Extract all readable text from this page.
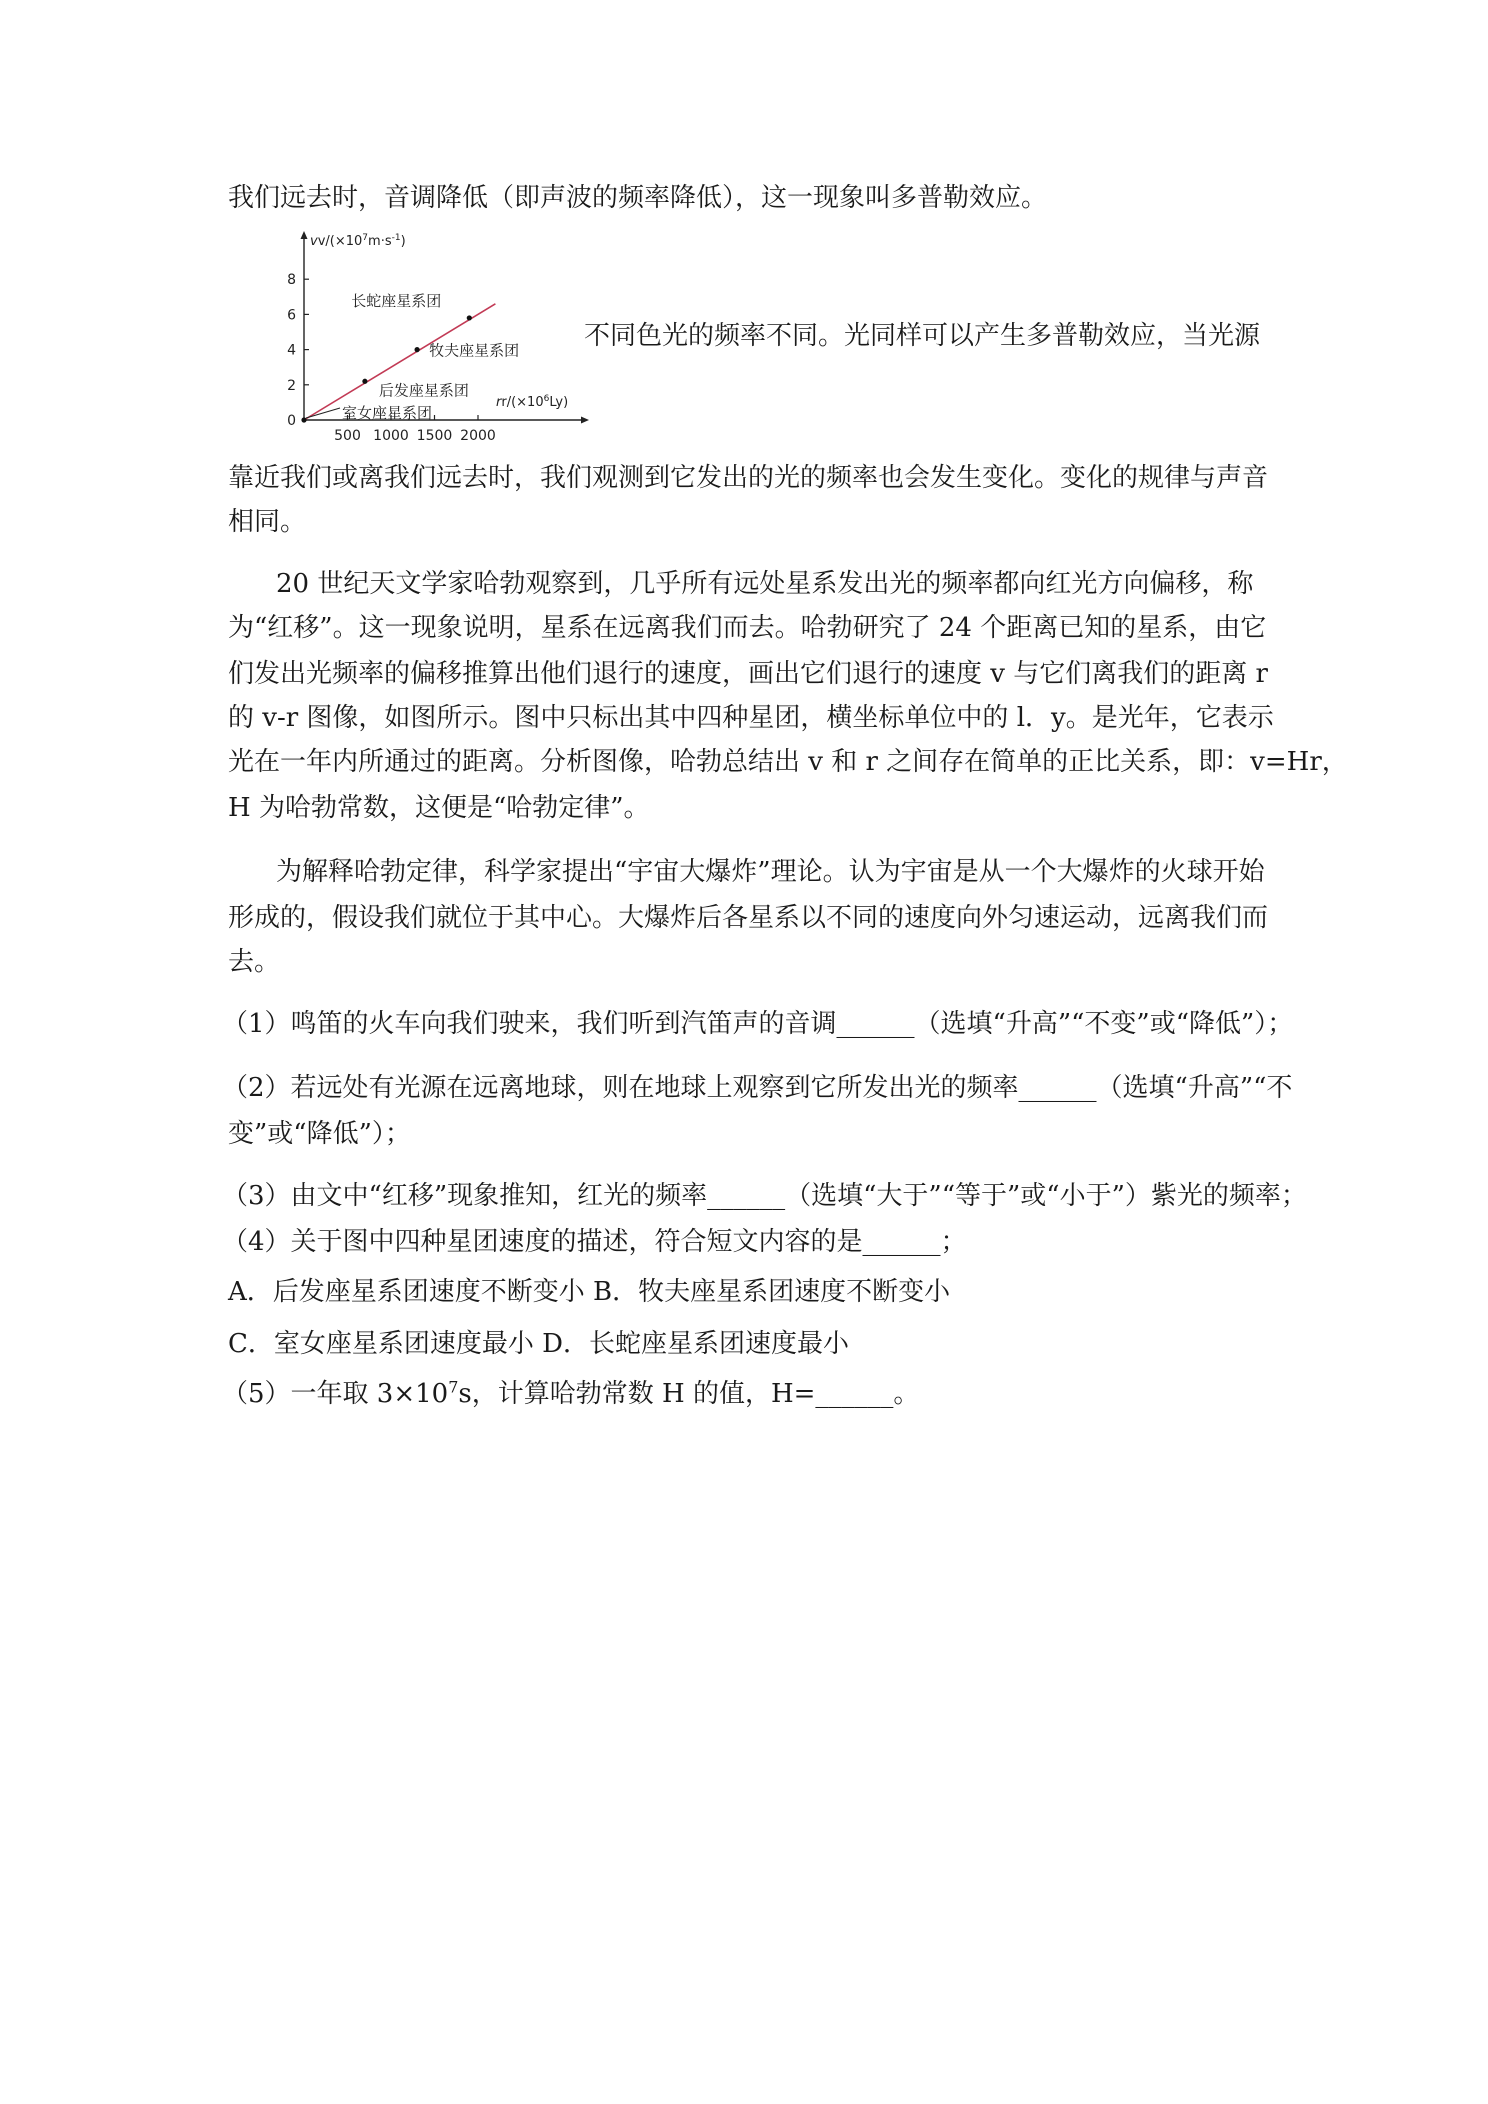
我们远去时，音调降低（即声波的频率降低），这一现象叫多普勒效应。
0
2
4
6
8
500 1000 1500 2000
室女座星系团
后发座星系团
牧夫座星系团
长蛇座星系团
$vv/(\times 10^7m\cdot s^{-1})$
$rr/(\times 10^6Ly)$
不同色光的频率不同。光同样可以产生多普勒效应，当光源
靠近我们或离我们远去时，我们观测到它发出的光的频率也会发生变化。变化的规律与声音
相同。
20 世纪天文学家哈勃观察到，几乎所有远处星系发出光的频率都向红光方向偏移，称
为“红移”。这一现象说明，星系在远离我们而去。哈勃研究了 24 个距离已知的星系，由它
们发出光频率的偏移推算出他们退行的速度，画出它们退行的速度 v 与它们离我们的距离 r
的 v-r 图像，如图所示。图中只标出其中四种星团，横坐标单位中的 l．y。是光年，它表示
光在一年内所通过的距离。分析图像，哈勃总结出 v 和 r 之间存在简单的正比关系，即：v=Hr，
H 为哈勃常数，这便是“哈勃定律”。
为解释哈勃定律，科学家提出“宇宙大爆炸”理论。认为宇宙是从一个大爆炸的火球开始
形成的，假设我们就位于其中心。大爆炸后各星系以不同的速度向外匀速运动，远离我们而
去。
（1）鸣笛的火车向我们驶来，我们听到汽笛声的音调______（选填“升高”“不变”或“降低”）；
（2）若远处有光源在远离地球，则在地球上观察到它所发出光的频率______（选填“升高”“不
变”或“降低”）；
（3）由文中“红移”现象推知，红光的频率______（选填“大于”“等于”或“小于”）紫光的频率；
（4）关于图中四种星团速度的描述，符合短文内容的是______；
A．后发座星系团速度不断变小 B．牧夫座星系团速度不断变小
C．室女座星系团速度最小 D．长蛇座星系团速度最小
（5）一年取 $3\times 10^7s$，计算哈勃常数 H 的值，H=______。
